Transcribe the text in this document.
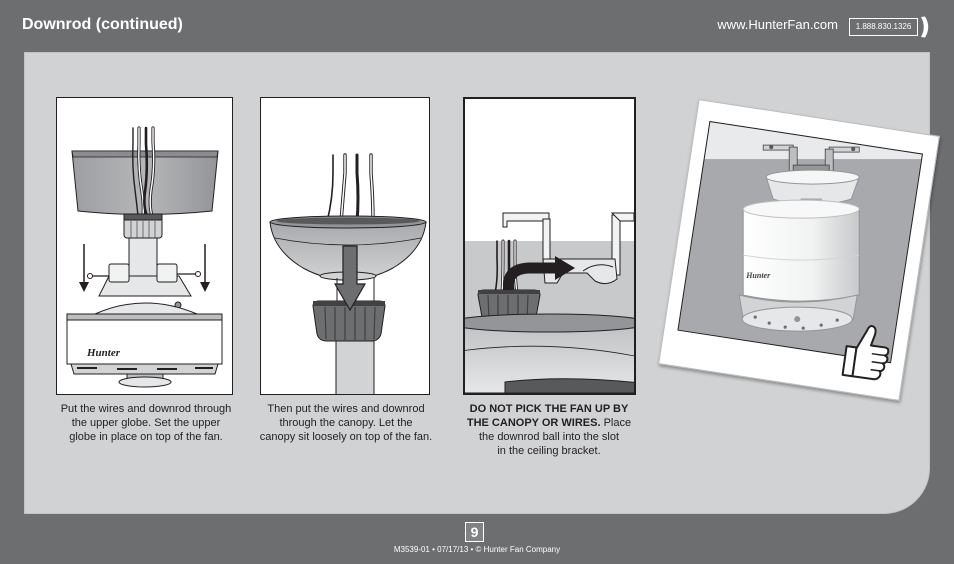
Downrod (continued)	www.HunterFan.com	1.888.830.1326
Hunter
Put the wires and downrod through
the upper globe. Set the upper
globe in place on top of the fan.
Then put the wires and downrod
through the canopy. Let the
canopy sit loosely on top of the fan.
DO NOT PICK THE FAN UP BY
THE CANOPY OR WIRES. Place
the downrod ball into the slot
in the ceiling bracket.
Hunter
9
M3539-01 • 07/17/13 • © Hunter Fan Company
